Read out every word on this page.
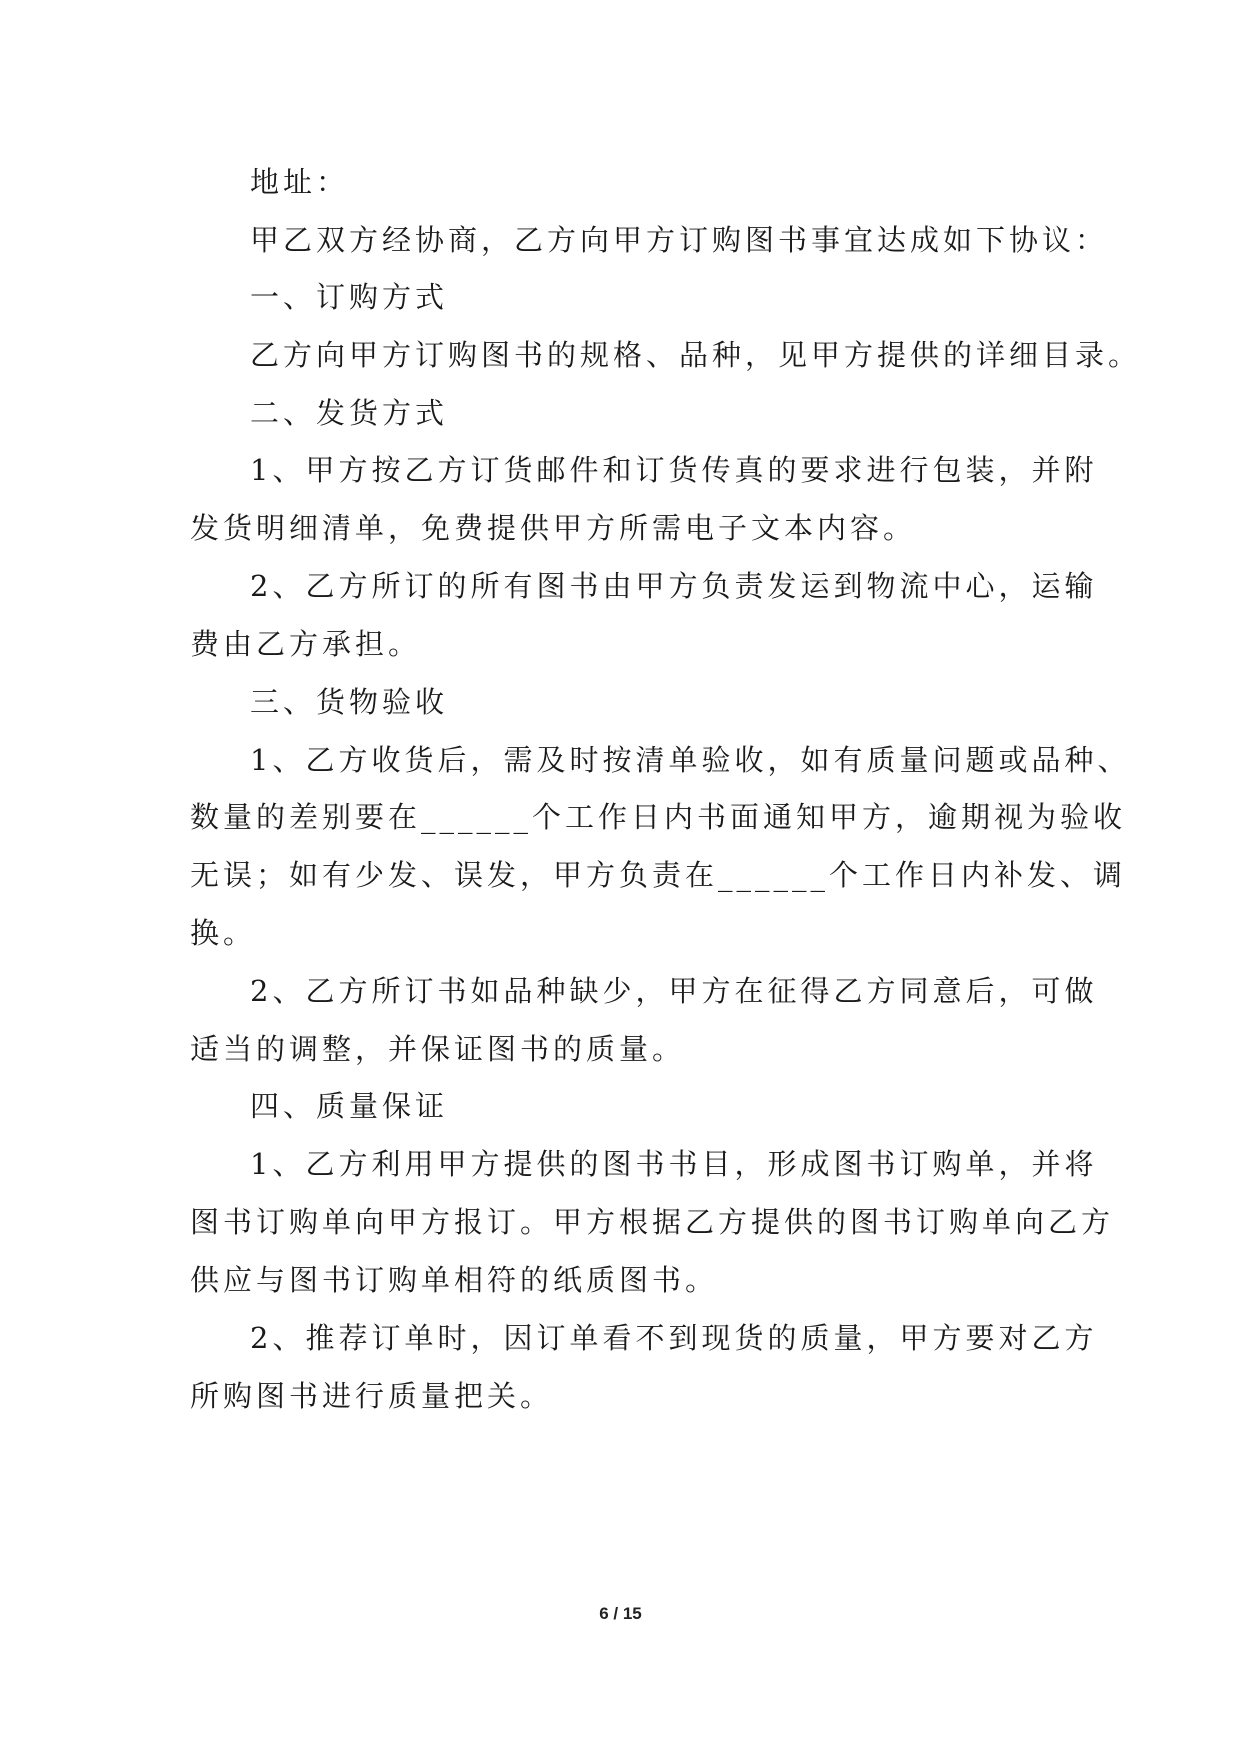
地址：
甲乙双方经协商，乙方向甲方订购图书事宜达成如下协议：
一、订购方式
乙方向甲方订购图书的规格、品种，见甲方提供的详细目录。
二、发货方式
1、甲方按乙方订货邮件和订货传真的要求进行包装，并附
发货明细清单，免费提供甲方所需电子文本内容。
2、乙方所订的所有图书由甲方负责发运到物流中心，运输
费由乙方承担。
三、货物验收
1、乙方收货后，需及时按清单验收，如有质量问题或品种、
数量的差别要在______个工作日内书面通知甲方，逾期视为验收
无误；如有少发、误发，甲方负责在______个工作日内补发、调
换。
2、乙方所订书如品种缺少，甲方在征得乙方同意后，可做
适当的调整，并保证图书的质量。
四、质量保证
1、乙方利用甲方提供的图书书目，形成图书订购单，并将
图书订购单向甲方报订。甲方根据乙方提供的图书订购单向乙方
供应与图书订购单相符的纸质图书。
2、推荐订单时，因订单看不到现货的质量，甲方要对乙方
所购图书进行质量把关。
6 / 15
